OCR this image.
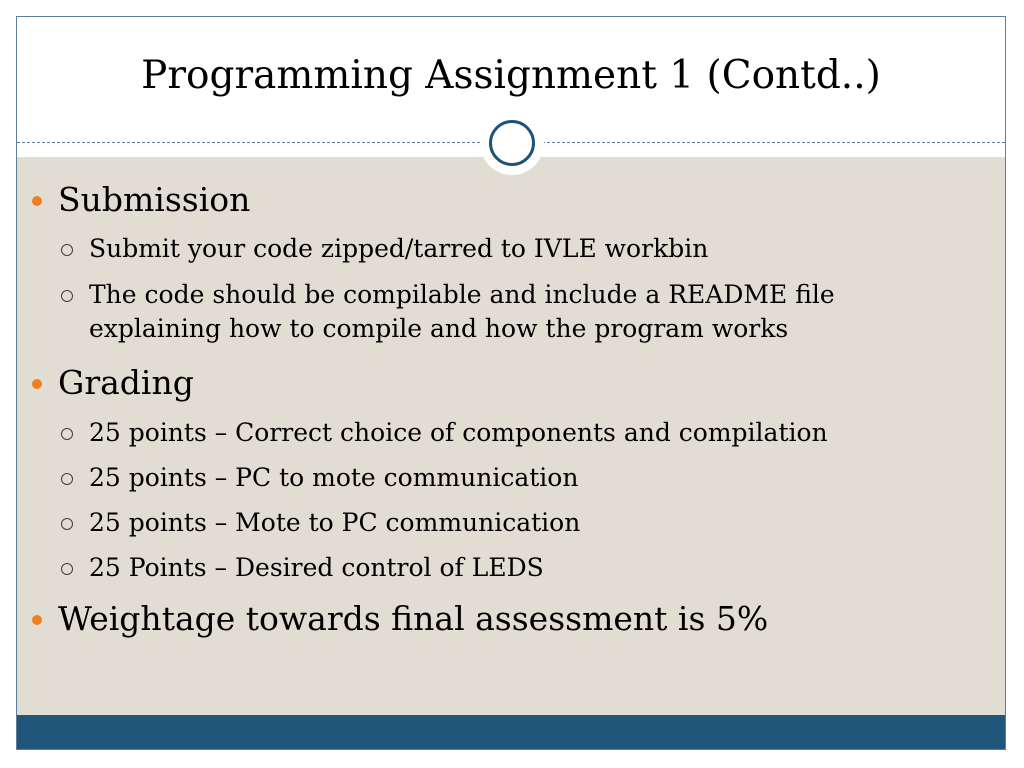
Programming Assignment 1 (Contd..)
Submission
Submit your code zipped/tarred to IVLE workbin
The code should be compilable and include a README file explaining how to compile and how the program works
Grading
25 points – Correct choice of components and compilation
25 points – PC to mote communication
25 points – Mote to PC communication
25 Points – Desired control of LEDS
Weightage towards final assessment is 5%
